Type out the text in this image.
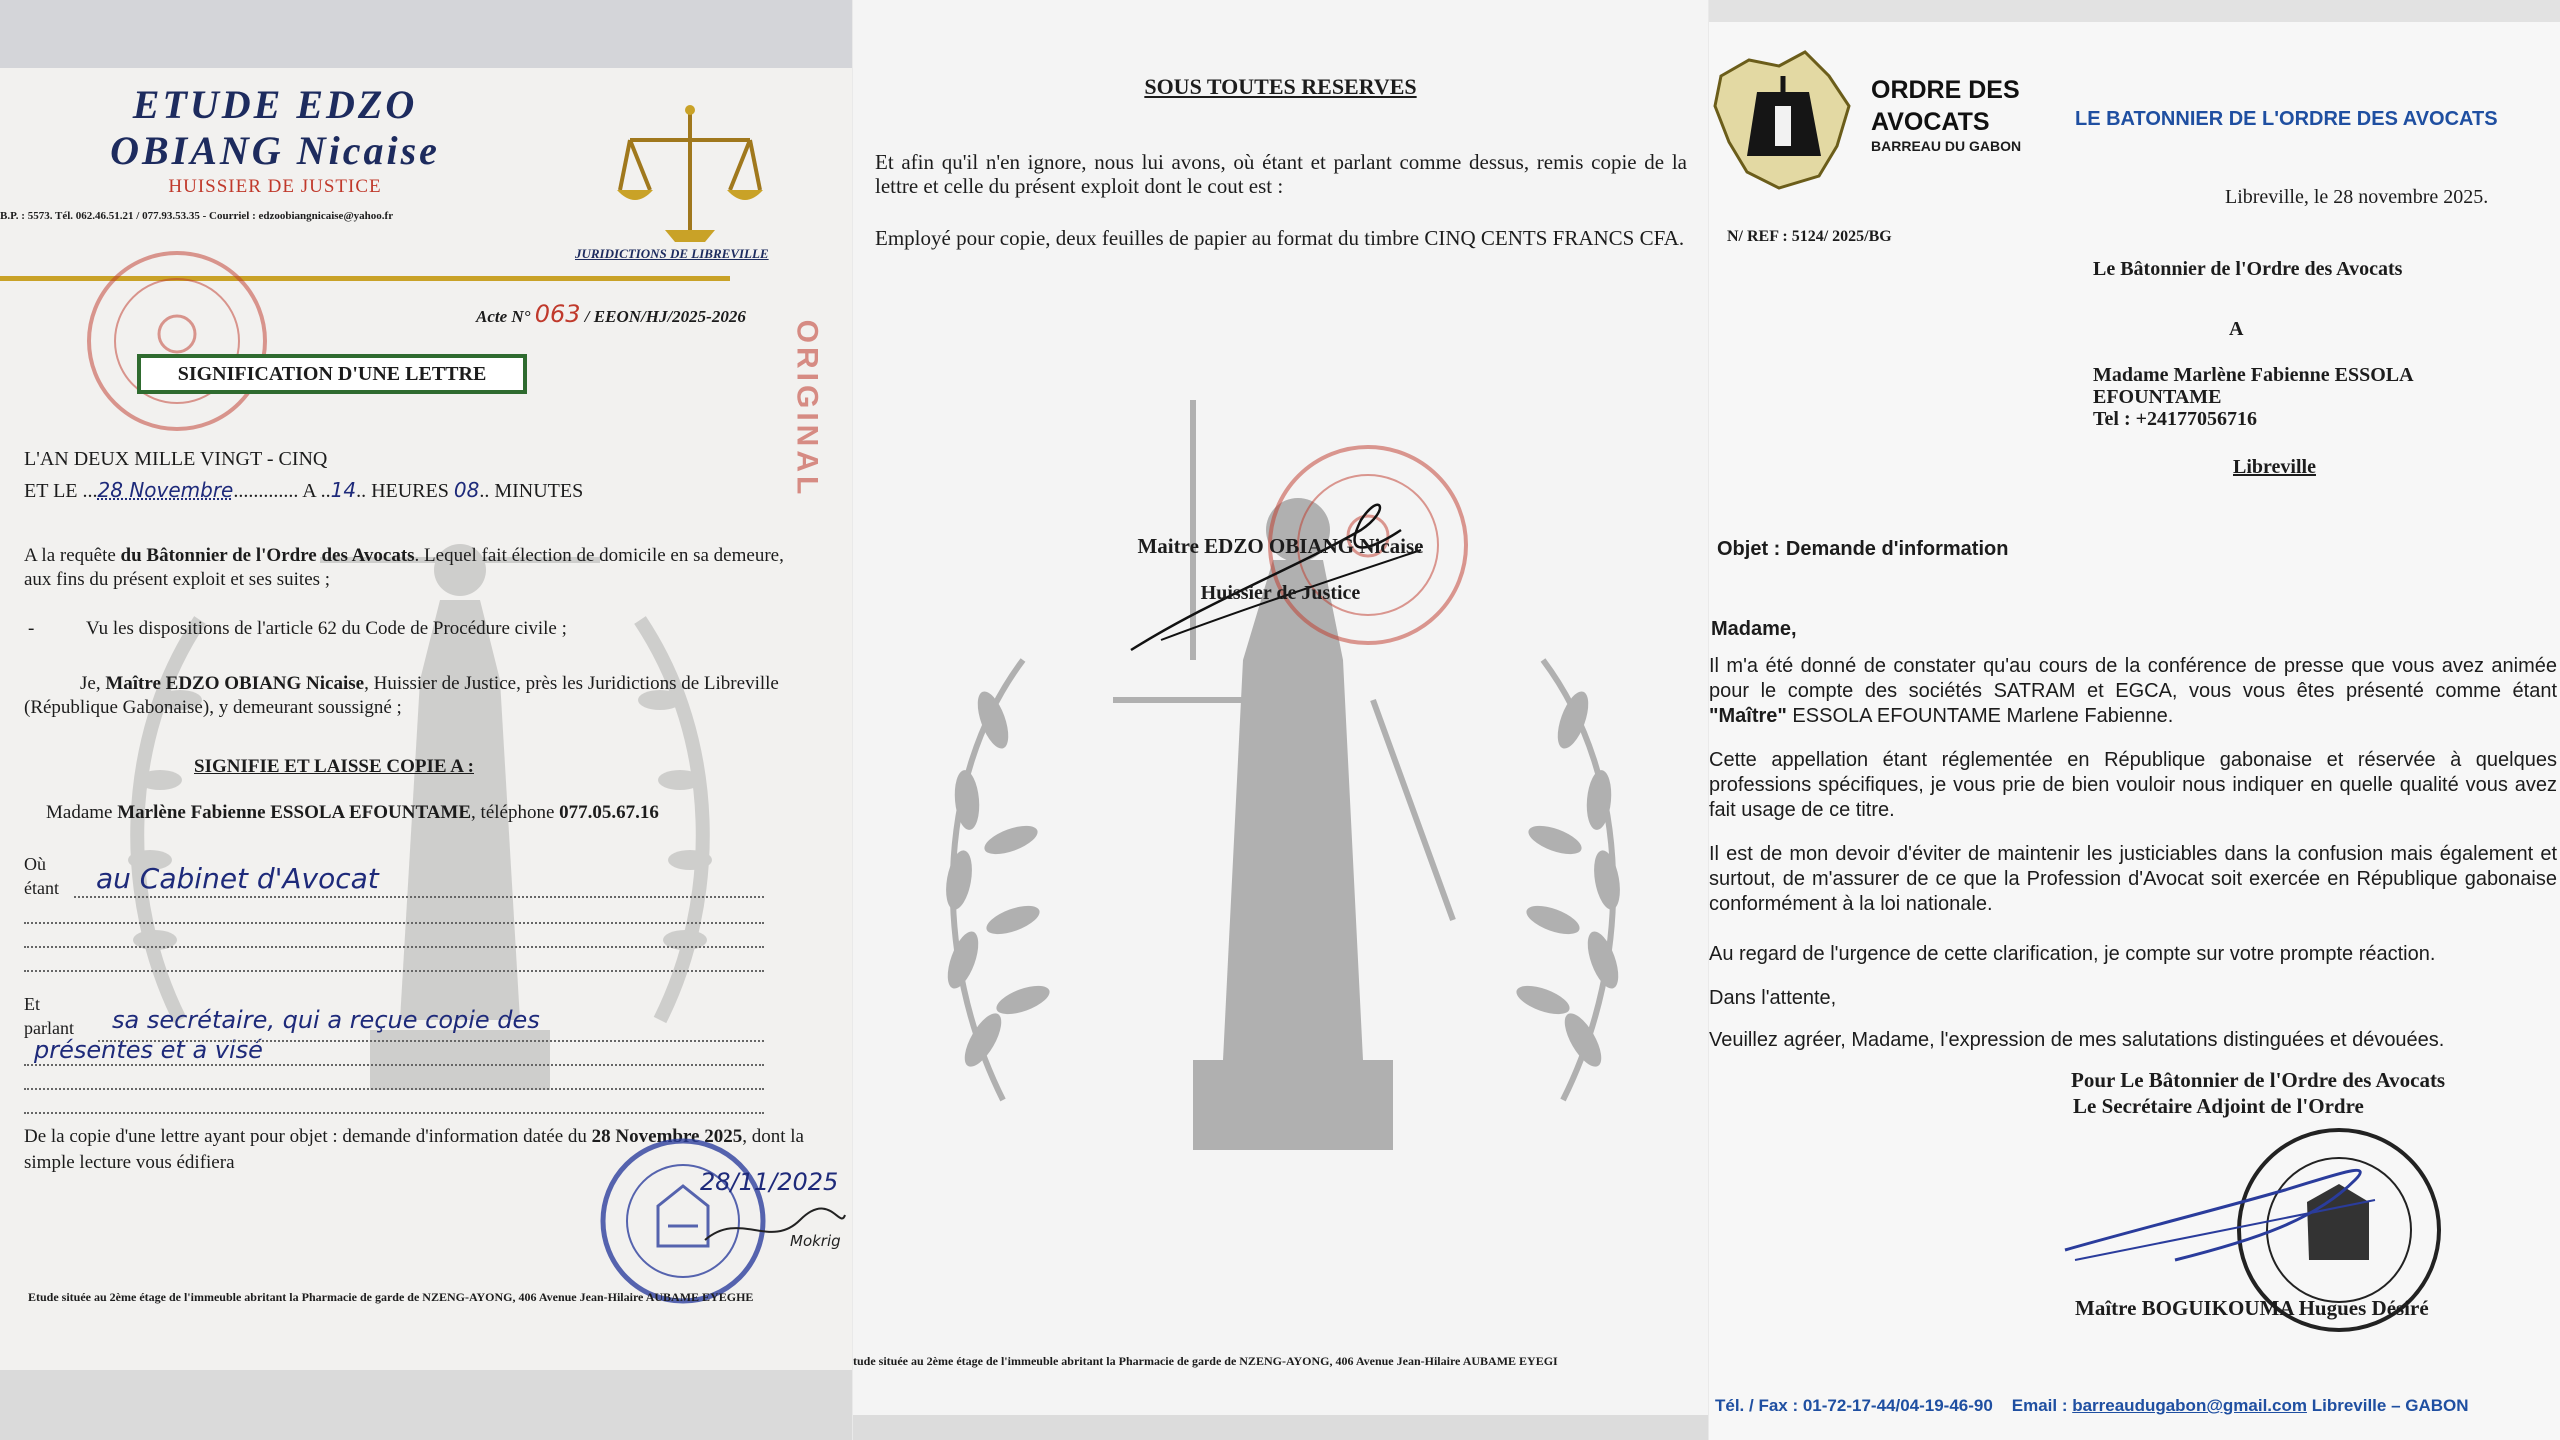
ETUDE EDZO
OBIANG Nicaise
HUISSIER DE JUSTICE
B.P. : 5573. Tél. 062.46.51.21 / 077.93.53.35 - Courriel : edzoobiangnicaise@yahoo.fr
JURIDICTIONS DE LIBREVILLE
Acte N° 063 / EEON/HJ/2025-2026
ORIGINAL
SIGNIFICATION D'UNE LETTRE
L'AN DEUX MILLE VINGT - CINQ
ET LE ...28 Novembre............. A ..14.. HEURES 08.. MINUTES
A la requête du Bâtonnier de l'Ordre des Avocats. Lequel fait élection de domicile en sa demeure, aux fins du présent exploit et ses suites ;
-	Vu les dispositions de l'article 62 du Code de Procédure civile ;
Je, Maître EDZO OBIANG Nicaise, Huissier de Justice, près les Juridictions de Libreville (République Gabonaise), y demeurant soussigné ;
SIGNIFIE ET LAISSE COPIE A :
Madame Marlène Fabienne ESSOLA EFOUNTAME, téléphone 077.05.67.16
Où
étant au Cabinet d'Avocat
Et
parlant sa secrétaire, qui a reçue copie des
présentes et a visé
De la copie d'une lettre ayant pour objet : demande d'information datée du 28 Novembre 2025, dont la simple lecture vous édifiera
28/11/2025
Mokrig
Etude située au 2ème étage de l'immeuble abritant la Pharmacie de garde de NZENG-AYONG, 406 Avenue Jean-Hilaire AUBAME EYEGHE
SOUS TOUTES RESERVES
Et afin qu'il n'en ignore, nous lui avons, où étant et parlant comme dessus, remis copie de la lettre et celle du présent exploit dont le cout est :
Employé pour copie, deux feuilles de papier au format du timbre CINQ CENTS FRANCS CFA.
Maitre EDZO OBIANG Nicaise
Huissier de Justice
tude située au 2ème étage de l'immeuble abritant la Pharmacie de garde de NZENG-AYONG, 406 Avenue Jean-Hilaire AUBAME EYEGI
ORDRE DES
AVOCATS
BARREAU DU GABON
LE BATONNIER DE L'ORDRE DES AVOCATS
Libreville, le 28 novembre 2025.
N/ REF : 5124/ 2025/BG
Le Bâtonnier de l'Ordre des Avocats
A
Madame Marlène Fabienne ESSOLA
EFOUNTAME
Tel : +24177056716
Libreville
Objet : Demande d'information
Madame,
Il m'a été donné de constater qu'au cours de la conférence de presse que vous avez animée pour le compte des sociétés SATRAM et EGCA, vous vous êtes présenté comme étant "Maître" ESSOLA EFOUNTAME Marlene Fabienne.
Cette appellation étant réglementée en République gabonaise et réservée à quelques professions spécifiques, je vous prie de bien vouloir nous indiquer en quelle qualité vous avez fait usage de ce titre.
Il est de mon devoir d'éviter de maintenir les justiciables dans la confusion mais également et surtout, de m'assurer de ce que la Profession d'Avocat soit exercée en République gabonaise conformément à la loi nationale.
Au regard de l'urgence de cette clarification, je compte sur votre prompte réaction.
Dans l'attente,
Veuillez agréer, Madame, l'expression de mes salutations distinguées et dévouées.
Pour Le Bâtonnier de l'Ordre des Avocats
Le Secrétaire Adjoint de l'Ordre
Maître BOGUIKOUMA Hugues Désiré
Tél. / Fax : 01-72-17-44/04-19-46-90 Email : barreaudugabon@gmail.com Libreville – GABON
